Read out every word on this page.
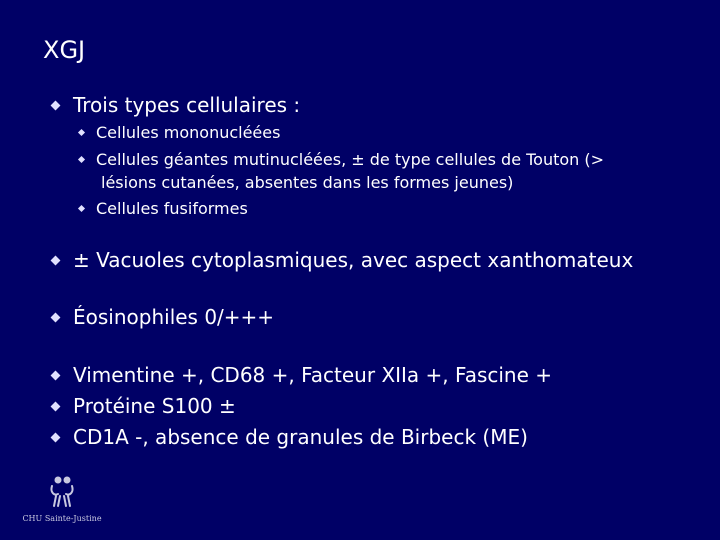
XGJ
Trois types cellulaires :
Cellules mononucléées
Cellules géantes mutinucléées, ± de type cellules de Touton (>
lésions cutanées, absentes dans les formes jeunes)
Cellules fusiformes
± Vacuoles cytoplasmiques, avec aspect xanthomateux
Éosinophiles 0/+++
Vimentine +, CD68 +, Facteur XIIa +, Fascine +
Protéine S100 ±
CD1A -, absence de granules de Birbeck (ME)
CHU Sainte-Justine
